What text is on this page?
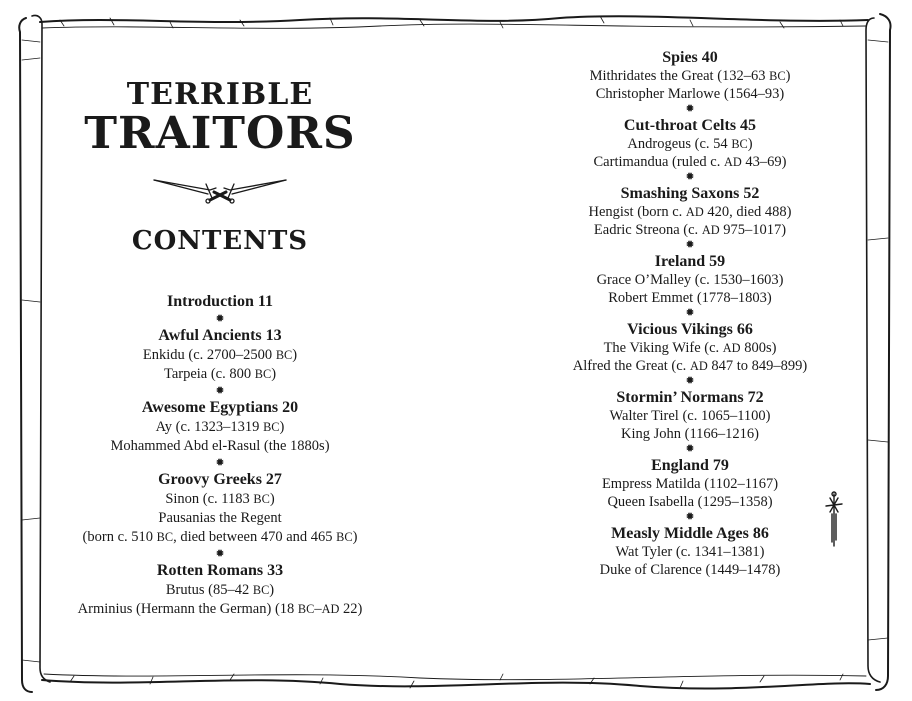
TERRIBLE
TRAITORS
CONTENTS
Introduction 11
✹
Awful Ancients 13
Enkidu (c. 2700–2500 BC)
Tarpeia (c. 800 BC)
✹
Awesome Egyptians 20
Ay (c. 1323–1319 BC)
Mohammed Abd el-Rasul (the 1880s)
✹
Groovy Greeks 27
Sinon (c. 1183 BC)
Pausanias the Regent
(born c. 510 BC, died between 470 and 465 BC)
✹
Rotten Romans 33
Brutus (85–42 BC)
Arminius (Hermann the German) (18 BC–AD 22)
Spies 40
Mithridates the Great (132–63 BC)
Christopher Marlowe (1564–93)
✹
Cut-throat Celts 45
Androgeus (c. 54 BC)
Cartimandua (ruled c. AD 43–69)
✹
Smashing Saxons 52
Hengist (born c. AD 420, died 488)
Eadric Streona (c. AD 975–1017)
✹
Ireland 59
Grace O’Malley (c. 1530–1603)
Robert Emmet (1778–1803)
✹
Vicious Vikings 66
The Viking Wife (c. AD 800s)
Alfred the Great (c. AD 847 to 849–899)
✹
Stormin’ Normans 72
Walter Tirel (c. 1065–1100)
King John (1166–1216)
✹
England 79
Empress Matilda (1102–1167)
Queen Isabella (1295–1358)
✹
Measly Middle Ages 86
Wat Tyler (c. 1341–1381)
Duke of Clarence (1449–1478)
